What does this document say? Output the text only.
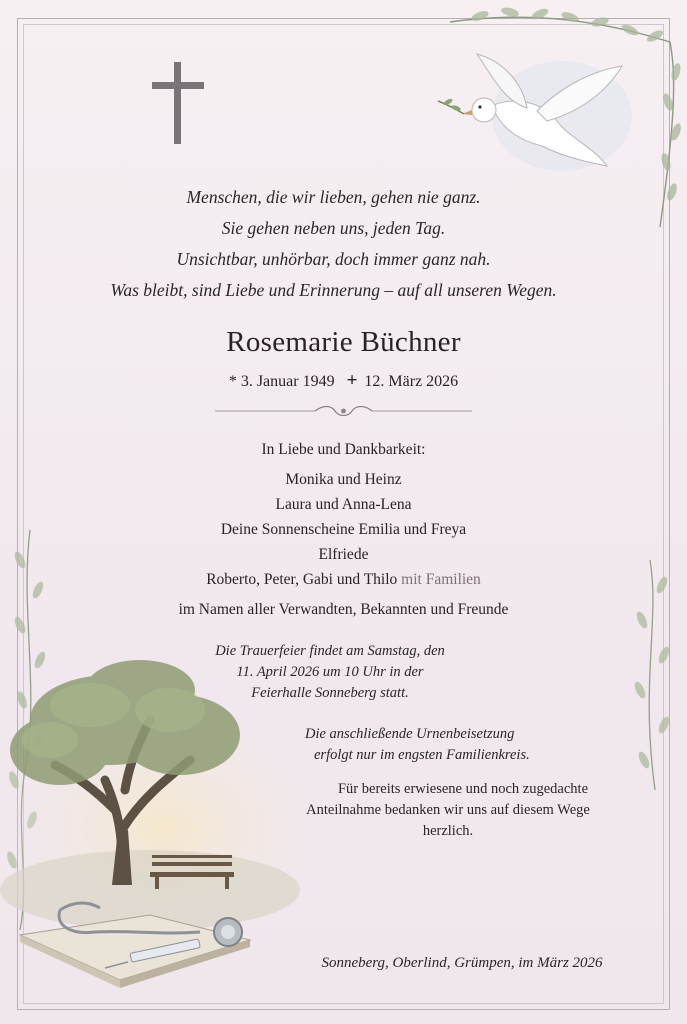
Menschen, die wir lieben, gehen nie ganz.
Sie gehen neben uns, jeden Tag.
Unsichtbar, unhörbar, doch immer ganz nah.
Was bleibt, sind Liebe und Erinnerung – auf all unseren Wegen.
Rosemarie Büchner
* 3. Januar 1949 + 12. März 2026
In Liebe und Dankbarkeit:
Monika und Heinz
Laura und Anna-Lena
Deine Sonnenscheine Emilia und Freya
Elfriede
Roberto, Peter, Gabi und Thilo mit Familien
im Namen aller Verwandten, Bekannten und Freunde
Die Trauerfeier findet am Samstag, den
11. April 2026 um 10 Uhr in der
Feierhalle Sonneberg statt.
Die anschließende Urnenbeisetzung
erfolgt nur im engsten Familienkreis.
Für bereits erwiesene und noch zugedachte
Anteilnahme bedanken wir uns auf diesem Wege
herzlich.
Sonneberg, Oberlind, Grümpen, im März 2026
